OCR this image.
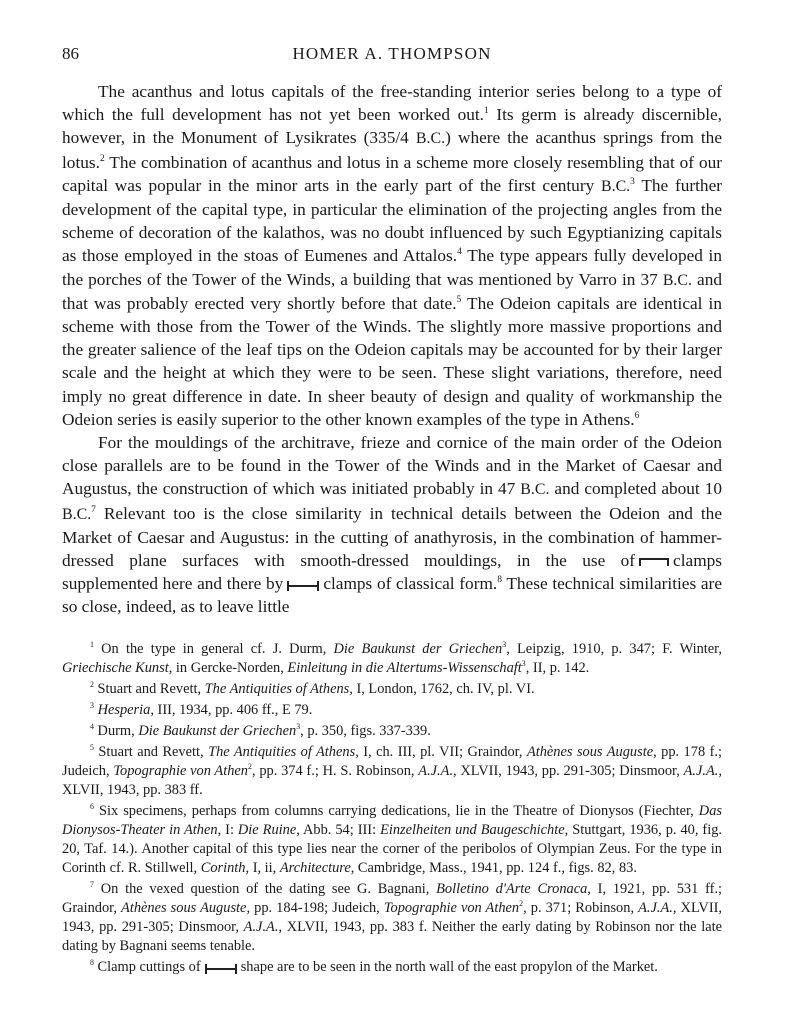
86	HOMER A. THOMPSON

The acanthus and lotus capitals of the free-standing interior series belong to a type of which the full development has not yet been worked out.$^1$ Its germ is already discernible, however, in the Monument of Lysikrates (335/4 B.C.) where the acanthus springs from the lotus.$^2$ The combination of acanthus and lotus in a scheme more closely resembling that of our capital was popular in the minor arts in the early part of the first century B.C.$^3$ The further development of the capital type, in particular the elimination of the projecting angles from the scheme of decoration of the kalathos, was no doubt influenced by such Egyptianizing capitals as those employed in the stoas of Eumenes and Attalos.$^4$ The type appears fully developed in the porches of the Tower of the Winds, a building that was mentioned by Varro in 37 B.C. and that was probably erected very shortly before that date.$^5$ The Odeion capitals are identical in scheme with those from the Tower of the Winds. The slightly more massive proportions and the greater salience of the leaf tips on the Odeion capitals may be accounted for by their larger scale and the height at which they were to be seen. These slight variations, therefore, need imply no great difference in date. In sheer beauty of design and quality of workmanship the Odeion series is easily superior to the other known examples of the type in Athens.$^6$

For the mouldings of the architrave, frieze and cornice of the main order of the Odeion close parallels are to be found in the Tower of the Winds and in the Market of Caesar and Augustus, the construction of which was initiated probably in 47 B.C. and completed about 10 B.C.$^7$ Relevant too is the close similarity in technical details between the Odeion and the Market of Caesar and Augustus: in the cutting of anathyrosis, in the combination of hammer-dressed plane surfaces with smooth-dressed mouldings, in the use of clamps supplemented here and there by clamps of classical form.$^8$ These technical similarities are so close, indeed, as to leave little

$^1$ On the type in general cf. J. Durm, Die Baukunst der Griechen$^3$, Leipzig, 1910, p. 347; F. Winter, Griechische Kunst, in Gercke-Norden, Einleitung in die Altertums-Wissenschaft$^3$, II, p. 142.

$^2$ Stuart and Revett, The Antiquities of Athens, I, London, 1762, ch. IV, pl. VI.

$^3$ Hesperia, III, 1934, pp. 406 ff., E 79.

$^4$ Durm, Die Baukunst der Griechen$^3$, p. 350, figs. 337-339.

$^5$ Stuart and Revett, The Antiquities of Athens, I, ch. III, pl. VII; Graindor, Athènes sous Auguste, pp. 178 f.; Judeich, Topographie von Athen$^2$, pp. 374 f.; H. S. Robinson, A.J.A., XLVII, 1943, pp. 291-305; Dinsmoor, A.J.A., XLVII, 1943, pp. 383 ff.

$^6$ Six specimens, perhaps from columns carrying dedications, lie in the Theatre of Dionysos (Fiechter, Das Dionysos-Theater in Athen, I: Die Ruine, Abb. 54; III: Einzelheiten und Baugeschichte, Stuttgart, 1936, p. 40, fig. 20, Taf. 14.). Another capital of this type lies near the corner of the peribolos of Olympian Zeus. For the type in Corinth cf. R. Stillwell, Corinth, I, ii, Architecture, Cambridge, Mass., 1941, pp. 124 f., figs. 82, 83.

$^7$ On the vexed question of the dating see G. Bagnani, Bolletino d'Arte Cronaca, I, 1921, pp. 531 ff.; Graindor, Athènes sous Auguste, pp. 184-198; Judeich, Topographie von Athen$^2$, p. 371; Robinson, A.J.A., XLVII, 1943, pp. 291-305; Dinsmoor, A.J.A., XLVII, 1943, pp. 383 f. Neither the early dating by Robinson nor the late dating by Bagnani seems tenable.

$^8$ Clamp cuttings of	shape are to be seen in the north wall of the east propylon of the Market.
